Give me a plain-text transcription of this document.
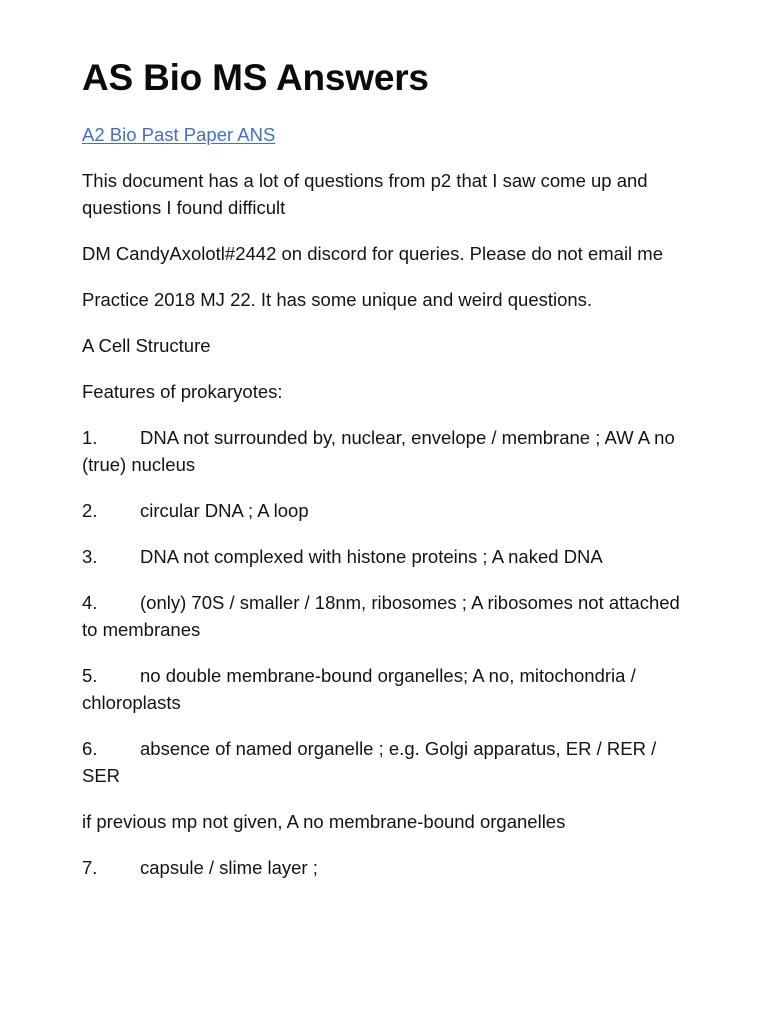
AS Bio MS Answers
A2 Bio Past Paper ANS

This document has a lot of questions from p2 that I saw come up and questions I found difficult

DM CandyAxolotl#2442 on discord for queries. Please do not email me

Practice 2018 MJ 22. It has some unique and weird questions.

A Cell Structure

Features of prokaryotes:

1. DNA not surrounded by, nuclear, envelope / membrane ; AW A no (true) nucleus

2. circular DNA ; A loop

3. DNA not complexed with histone proteins ; A naked DNA

4. (only) 70S / smaller / 18nm, ribosomes ; A ribosomes not attached to membranes

5. no double membrane-bound organelles; A no, mitochondria / chloroplasts

6. absence of named organelle ; e.g. Golgi apparatus, ER / RER / SER

if previous mp not given, A no membrane-bound organelles

7. capsule / slime layer ;
